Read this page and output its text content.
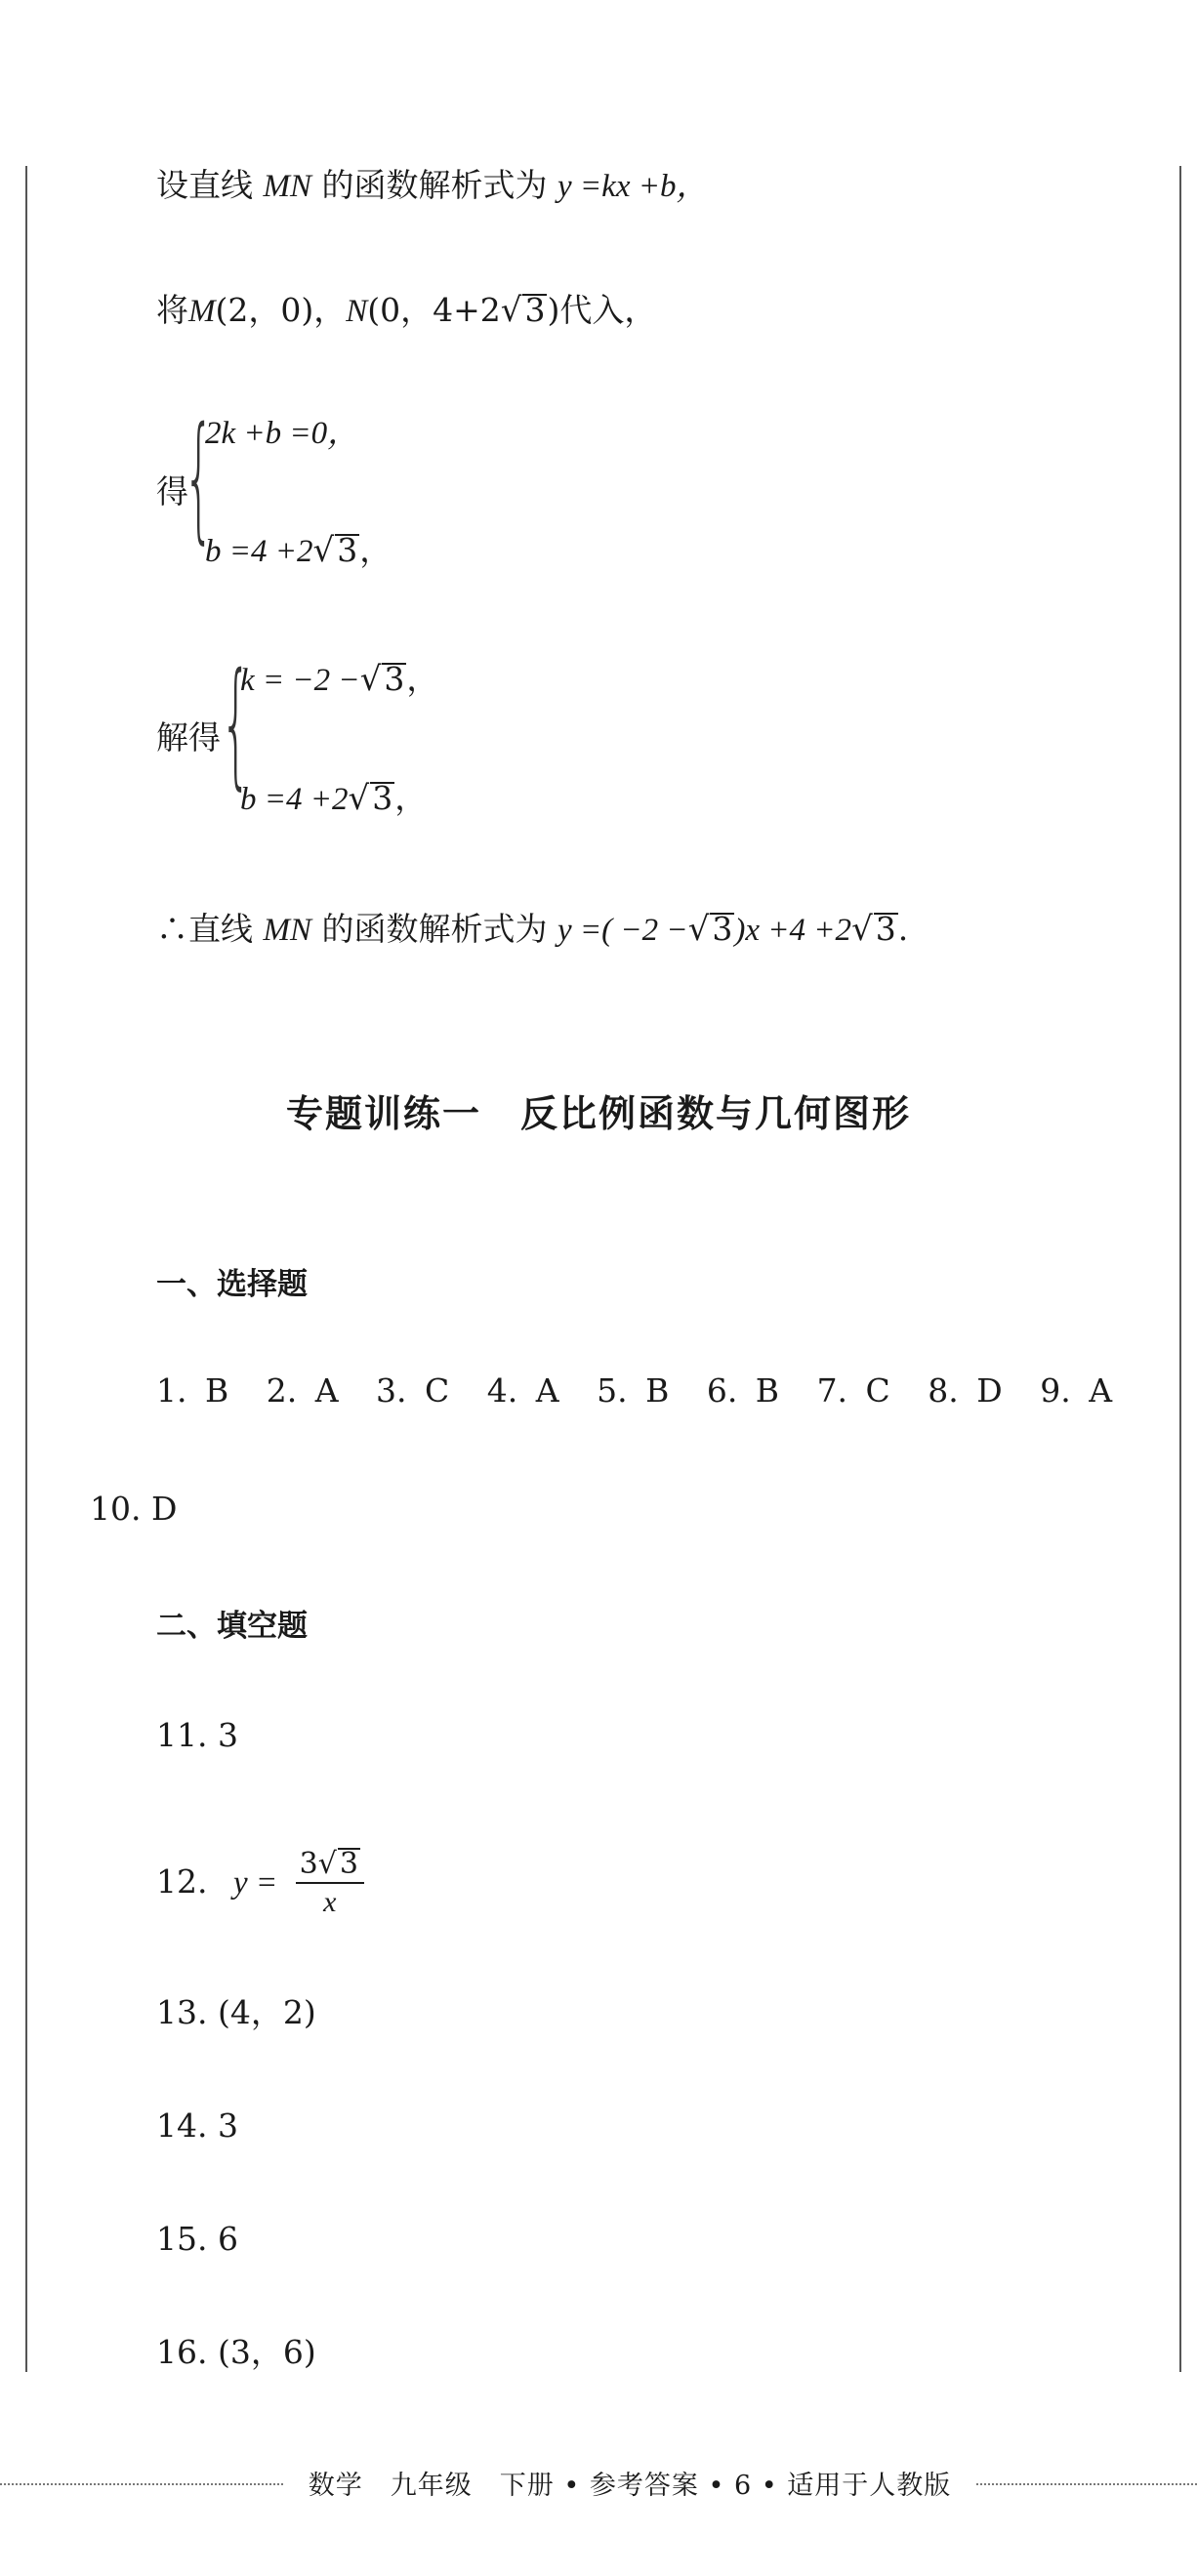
设直线 MN 的函数解析式为 y =kx +b，
将M(2，0)，N(0，4+2√3)代入，
得
{
2k +b =0，
b =4 +2√3，
解得 {
k = −2 −√3，
b =4 +2√3，
∴直线 MN 的函数解析式为 y =( −2 −√3)x +4 +2√3.
专题训练一　反比例函数与几何图形
一、选择题
1. B 2. A 3. C 4. A 5. B 6. B 7. C 8. D 9. A
10. D
二、填空题
11. 3
12. $y = \frac{3√ 3}{x}$
13. (4，2)
14. 3
15. 6
16. (3，6)
数学　九年级　下册 • 参考答案 • 6 • 适用于人教版
